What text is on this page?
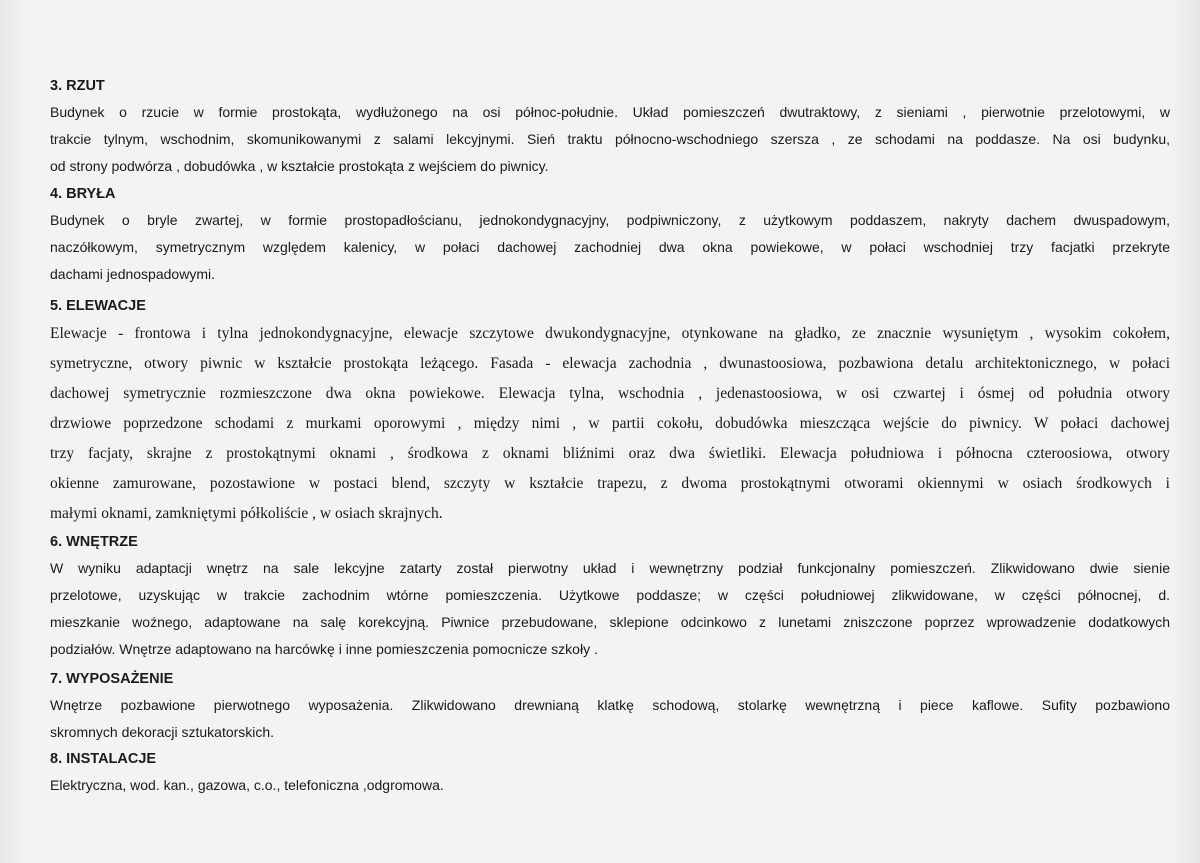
3. RZUT
Budynek o rzucie w formie prostokąta, wydłużonego na osi północ-południe. Układ pomieszczeń dwutraktowy, z sieniami , pierwotnie przelotowymi, w
trakcie tylnym, wschodnim, skomunikowanymi z salami lekcyjnymi. Sień traktu północno-wschodniego szersza , ze schodami na poddasze. Na osi budynku,
od strony podwórza , dobudówka , w kształcie prostokąta z wejściem do piwnicy.
4. BRYŁA
Budynek o bryle zwartej, w formie prostopadłościanu, jednokondygnacyjny, podpiwniczony, z użytkowym poddaszem, nakryty dachem dwuspadowym,
naczółkowym, symetrycznym względem kalenicy, w połaci dachowej zachodniej dwa okna powiekowe, w połaci wschodniej trzy facjatki przekryte
dachami jednospadowymi.
5. ELEWACJE
Elewacje - frontowa i tylna jednokondygnacyjne, elewacje szczytowe dwukondygnacyjne, otynkowane na gładko, ze znacznie wysuniętym , wysokim cokołem,
symetryczne, otwory piwnic w kształcie prostokąta leżącego. Fasada - elewacja zachodnia , dwunastoosiowa, pozbawiona detalu architektonicznego, w połaci
dachowej symetrycznie rozmieszczone dwa okna powiekowe. Elewacja tylna, wschodnia , jedenastoosiowa, w osi czwartej i ósmej od południa otwory
drzwiowe poprzedzone schodami z murkami oporowymi , między nimi , w partii cokołu, dobudówka mieszcząca wejście do piwnicy. W połaci dachowej
trzy facjaty, skrajne z prostokątnymi oknami , środkowa z oknami bliźnimi oraz dwa świetliki. Elewacja południowa i północna czteroosiowa, otwory
okienne zamurowane, pozostawione w postaci blend, szczyty w kształcie trapezu, z dwoma prostokątnymi otworami okiennymi w osiach środkowych i
małymi oknami, zamkniętymi półkoliście , w osiach skrajnych.
6. WNĘTRZE
W wyniku adaptacji wnętrz na sale lekcyjne zatarty został pierwotny układ i wewnętrzny podział funkcjonalny pomieszczeń. Zlikwidowano dwie sienie
przelotowe, uzyskując w trakcie zachodnim wtórne pomieszczenia. Użytkowe poddasze; w części południowej zlikwidowane, w części północnej, d.
mieszkanie woźnego, adaptowane na salę korekcyjną. Piwnice przebudowane, sklepione odcinkowo z lunetami zniszczone poprzez wprowadzenie dodatkowych
podziałów. Wnętrze adaptowano na harcówkę i inne pomieszczenia pomocnicze szkoły .
7. WYPOSAŻENIE
Wnętrze pozbawione pierwotnego wyposażenia. Zlikwidowano drewnianą klatkę schodową, stolarkę wewnętrzną i piece kaflowe. Sufity pozbawiono
skromnych dekoracji sztukatorskich.
8. INSTALACJE
Elektryczna, wod. kan., gazowa, c.o., telefoniczna ,odgromowa.
